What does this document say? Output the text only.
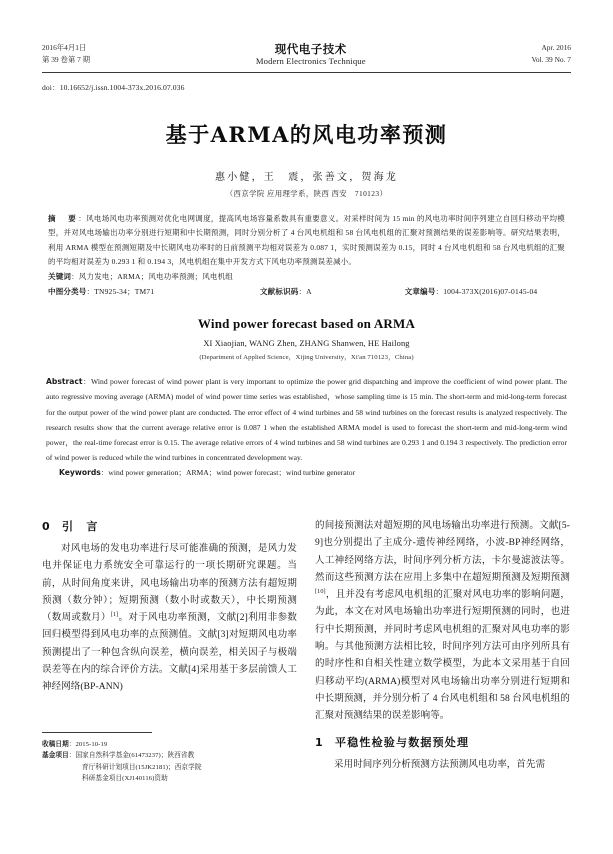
2016年4月1日
第 39 卷第 7 期
现代电子技术
Modern Electronics Technique
Apr. 2016
Vol. 39 No. 7
doi：10.16652/j.issn.1004-373x.2016.07.036
基于ARMA的风电功率预测
惠小健，王　震，张善文，贺海龙
（西京学院 应用理学系，陕西 西安　710123）
摘　要：风电场风电功率预测对优化电网调度，提高风电场容量系数具有重要意义。对采样时间为 15 min 的风电功率时间序列建立自回归移动平均模型，并对风电场输出功率分别进行短期和中长期预测，同时分别分析了 4 台风电机组和 58 台风电机组的汇聚对预测结果的误差影响等。研究结果表明，利用 ARMA 模型在预测短期及中长期风电功率时的日前预测平均相对误差为 0.087 1，实时预测误差为 0.15，同时 4 台风电机组和 58 台风电机组的汇聚的平均相对误差为 0.293 1 和 0.194 3，风电机组在集中开发方式下风电功率预测误差减小。
关键词：风力发电；ARMA；风电功率预测；风电机组
中图分类号：TN925-34；TM71	文献标识码：A	文章编号：1004-373X(2016)07-0145-04
Wind power forecast based on ARMA
XI Xiaojian, WANG Zhen, ZHANG Shanwen, HE Hailong
(Department of Applied Science，Xijing University，Xi'an 710123，China)
Abstract：Wind power forecast of wind power plant is very important to optimize the power grid dispatching and improve the coefficient of wind power plant. The auto regressive moving average (ARMA) model of wind power time series was established，whose sampling time is 15 min. The short-term and mid-long-term forecast for the output power of the wind power plant are conducted. The error effect of 4 wind turbines and 58 wind turbines on the forecast results is analyzed respectively. The research results show that the current average relative error is 0.087 1 when the established ARMA model is used to forecast the short-term and mid-long-term wind power，the real-time forecast error is 0.15. The average relative errors of 4 wind turbines and 58 wind turbines are 0.293 1 and 0.194 3 respectively. The prediction error of wind power is reduced while the wind turbines in concentrated development way.
Keywords：wind power generation；ARMA；wind power forecast；wind turbine generator
0 引　言

对风电场的发电功率进行尽可能准确的预测，是风力发电并保证电力系统安全可靠运行的一项长期研究课题。当前，从时间角度来讲，风电场输出功率的预测方法有超短期预测（数分钟）；短期预测（数小时或数天），中长期预测（数周或数月）[1]。对于风电功率预测，文献[2]利用非参数回归模型得到风电功率的点预测值。文献[3]对短期风电功率预测提出了一种包含纵向误差，横向误差，相关因子与极端误差等在内的综合评价方法。文献[4]采用基于多层前馈人工神经网络(BP-ANN)

收稿日期：2015-10-19
基金项目 ：国家自然科学基金(61473237)；陕西省教
育厅科研计划项目(15JK2181)；西京学院
科研基金项目(XJ140116)资助

的间接预测法对超短期的风电场输出功率进行预测。文献[5-9]也分别提出了主成分-遗传神经网络，小波-BP神经网络，人工神经网络方法，时间序列分析方法，卡尔曼滤波法等。然而这些预测方法在应用上多集中在超短期预测及短期预测[10]，且并没有考虑风电机组的汇聚对风电功率的影响问题，为此，本文在对风电场输出功率进行短期预测的同时，也进行中长期预测，并同时考虑风电机组的汇聚对风电功率的影响。与其他预测方法相比较，时间序列方法可由序列所具有的时序性和自相关性建立数学模型，为此本文采用基于自回归移动平均(ARMA)模型对风电场输出功率分别进行短期和中长期预测，并分别分析了 4 台风电机组和 58 台风电机组的汇聚对预测结果的误差影响等。

1 平稳性检验与数据预处理

采用时间序列分析预测方法预测风电功率，首先需
